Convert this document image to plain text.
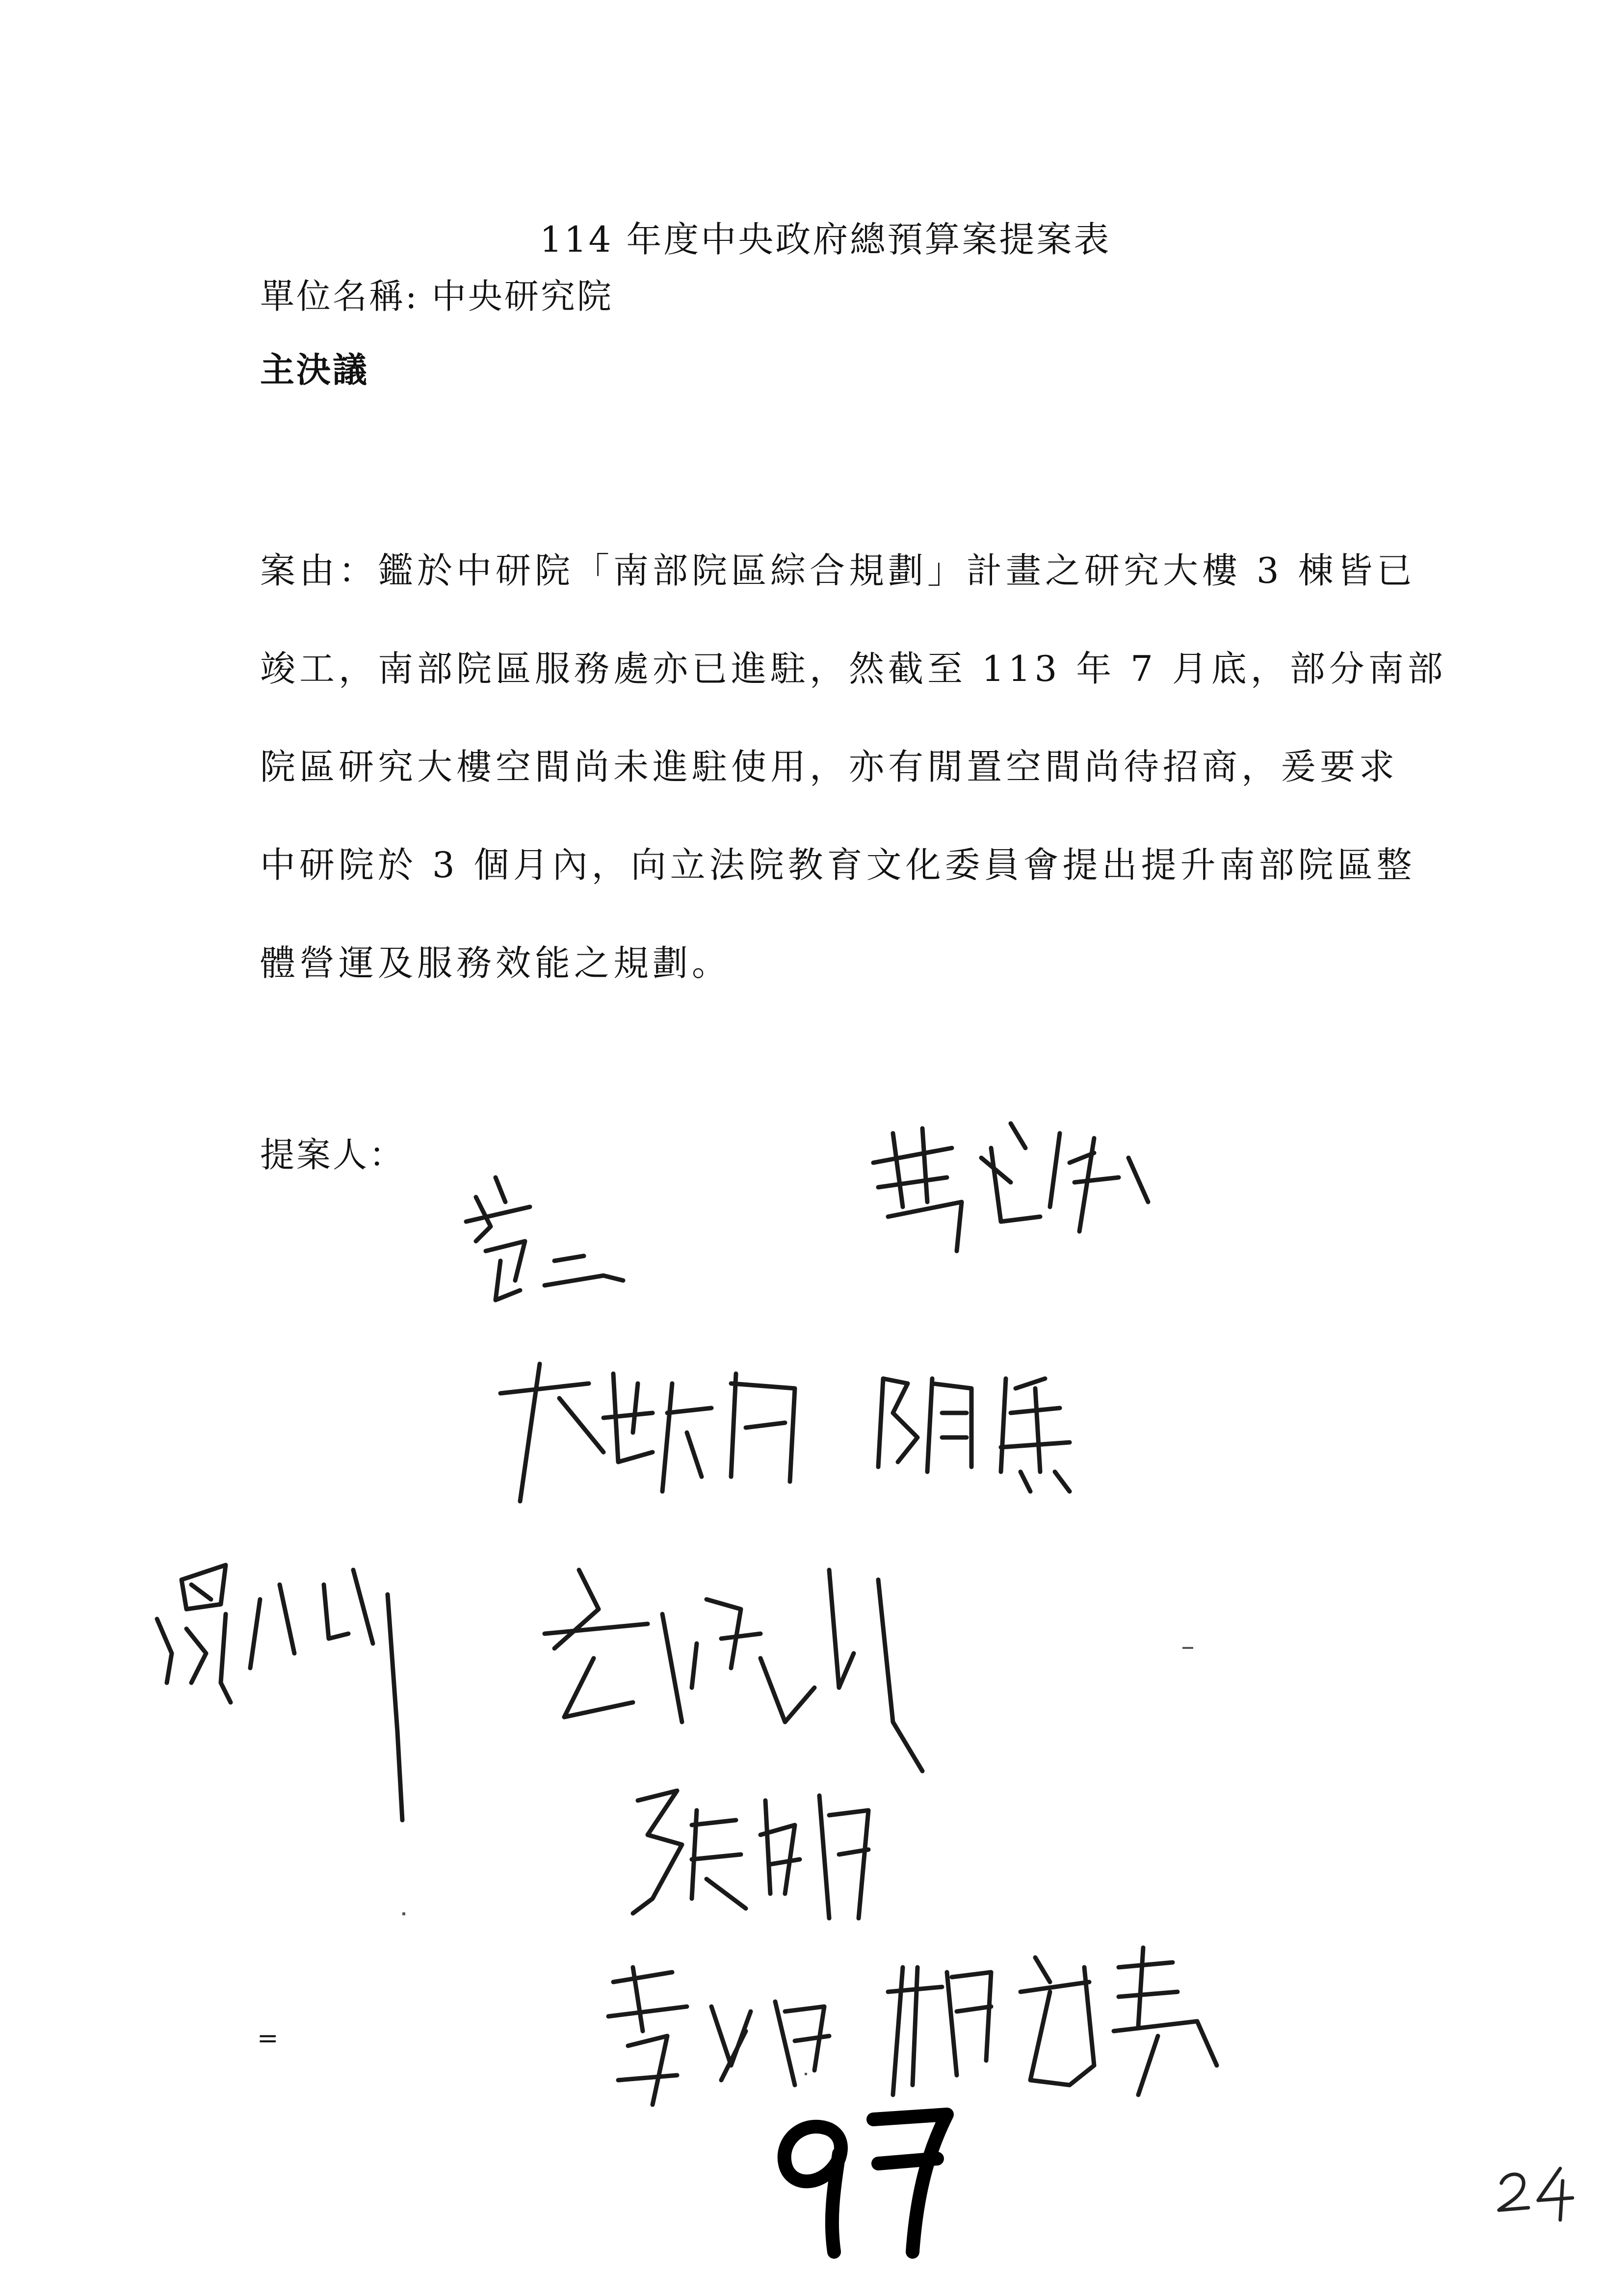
114 年度中央政府總預算案提案表
單位名稱: 中央研究院
主決議
案由：鑑於中研院「南部院區綜合規劃」計畫之研究大樓 3 棟皆已
竣工，南部院區服務處亦已進駐，然截至 113 年 7 月底，部分南部
院區研究大樓空間尚未進駐使用，亦有閒置空間尚待招商，爰要求
中研院於 3 個月內，向立法院教育文化委員會提出提升南部院區整
體營運及服務效能之規劃。
提案人：
=
